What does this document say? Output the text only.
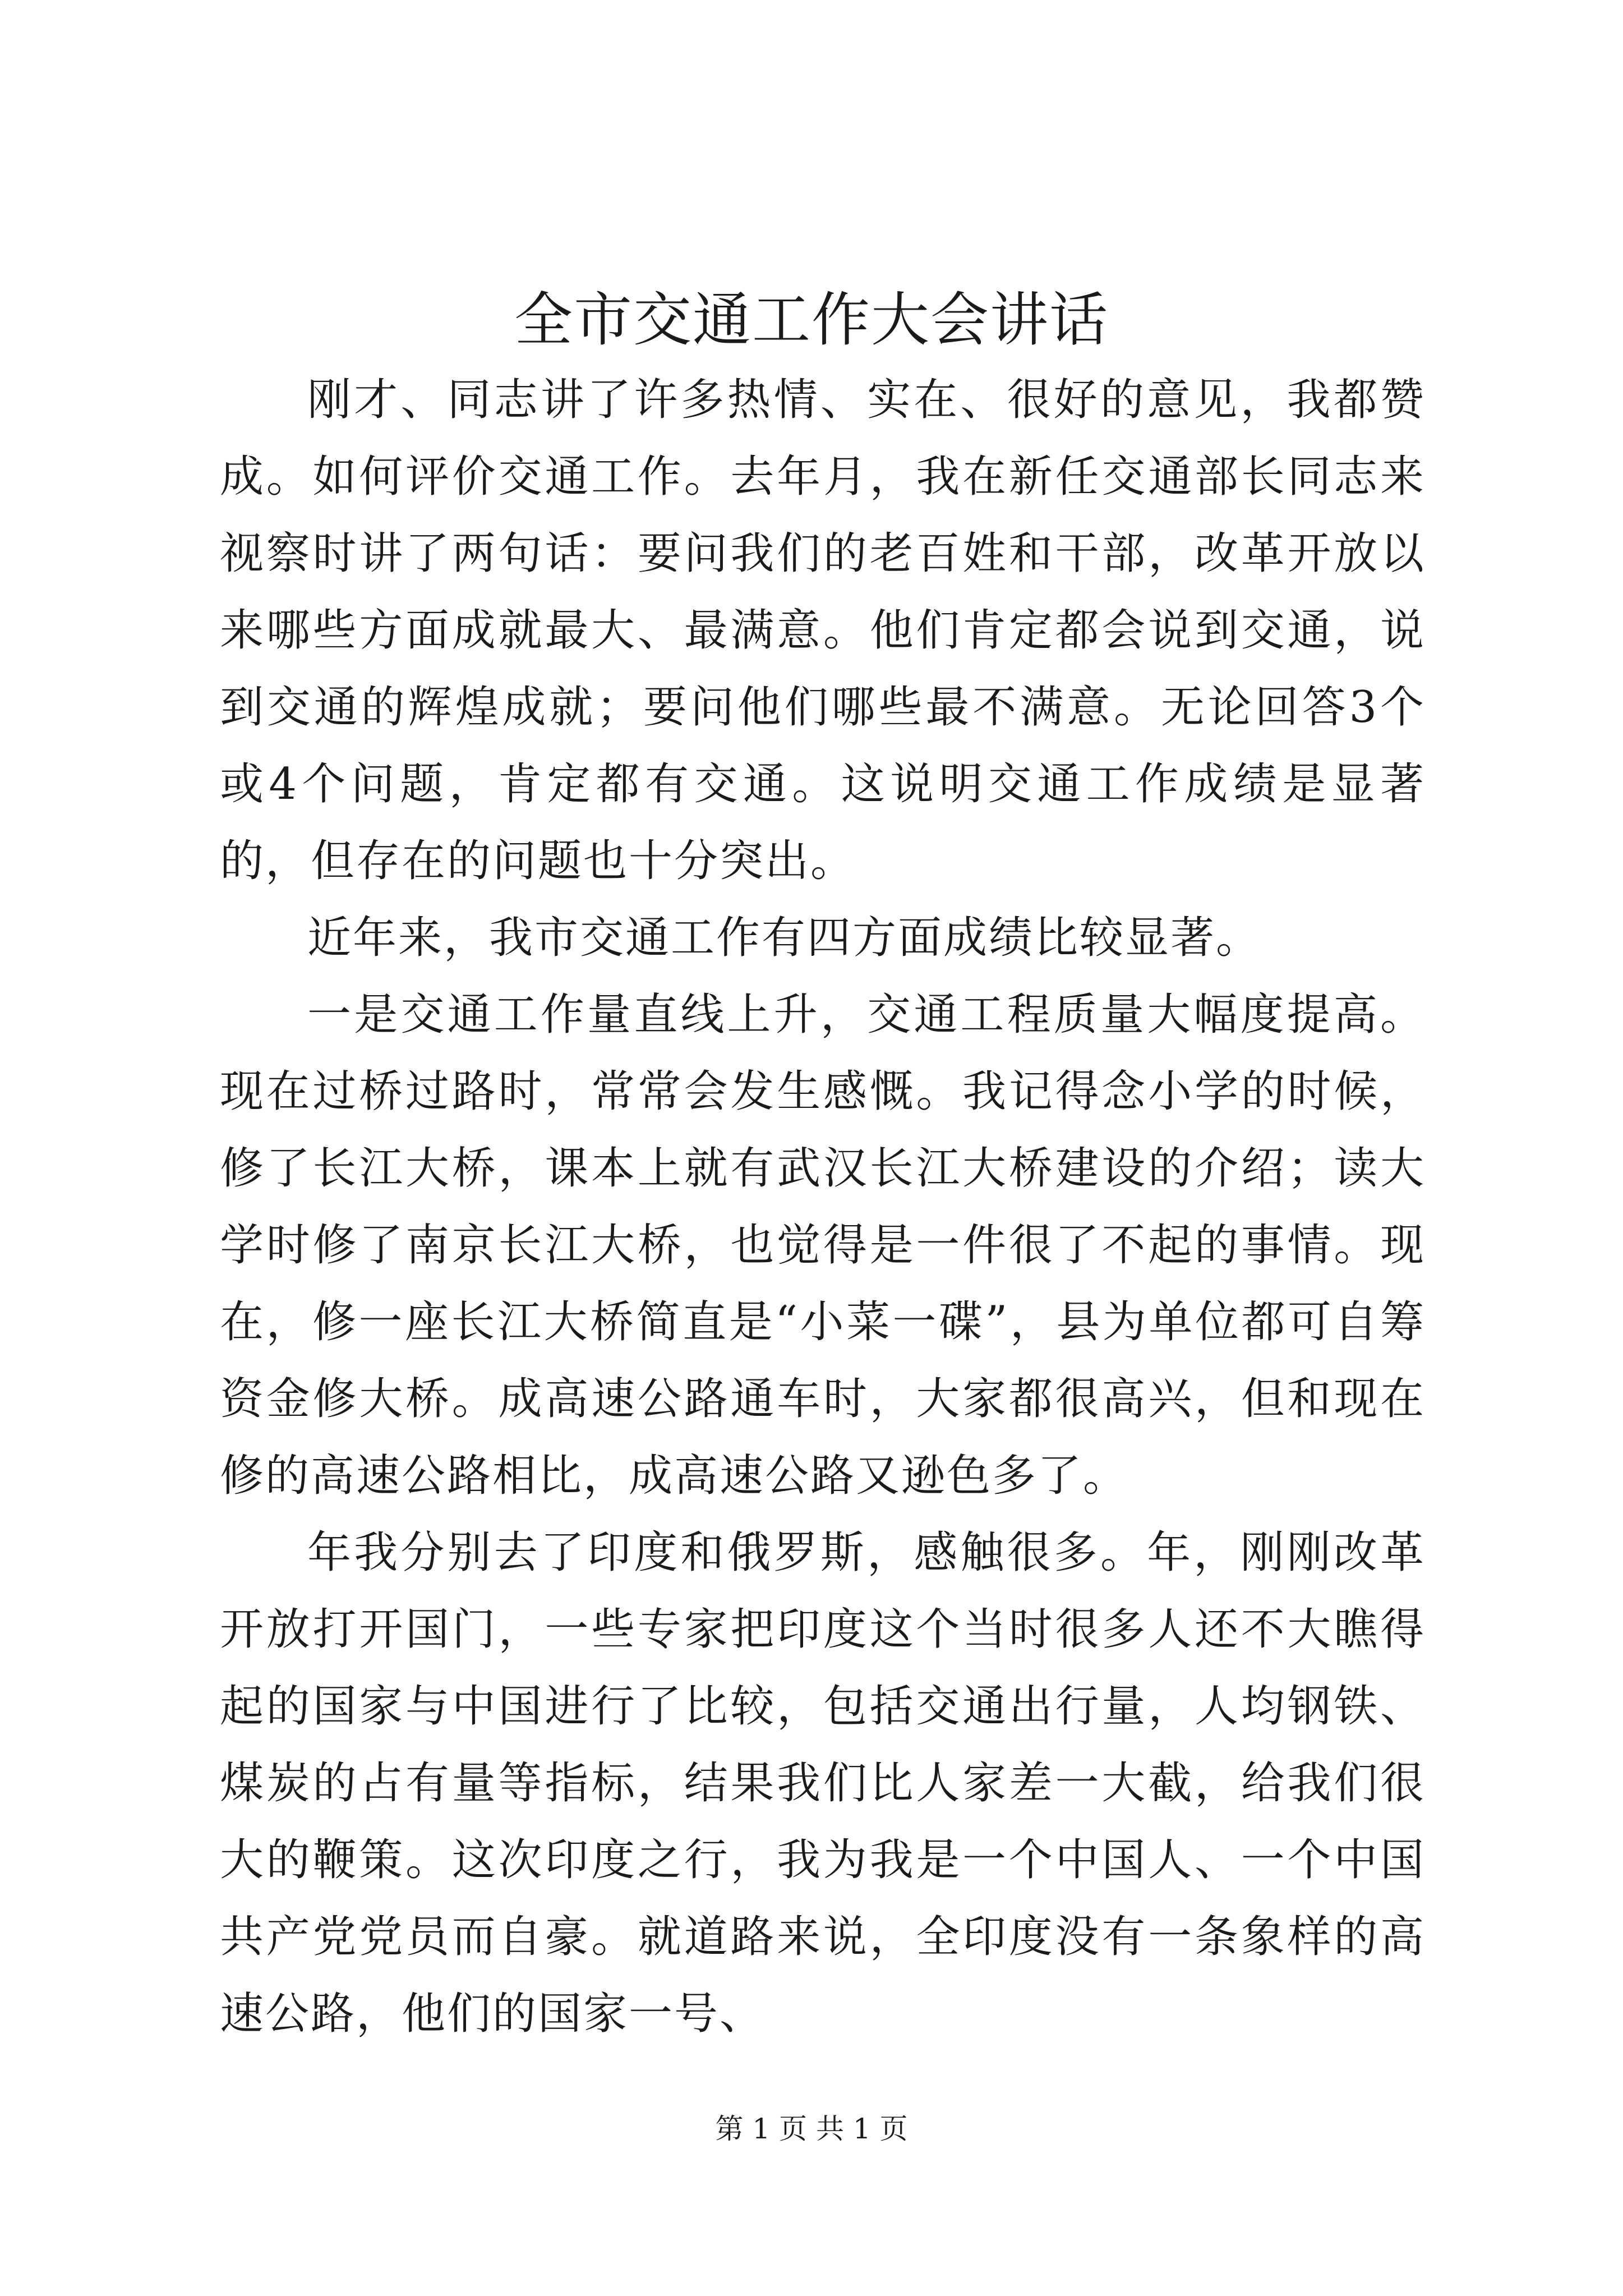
全市交通工作大会讲话

刚才、同志讲了许多热情、实在、很好的意见，我都赞成。如何评价交通工作。去年月，我在新任交通部长同志来视察时讲了两句话：要问我们的老百姓和干部，改革开放以来哪些方面成就最大、最满意。他们肯定都会说到交通，说到交通的辉煌成就；要问他们哪些最不满意。无论回答3个或4个问题，肯定都有交通。这说明交通工作成绩是显著的，但存在的问题也十分突出。

近年来，我市交通工作有四方面成绩比较显著。

一是交通工作量直线上升，交通工程质量大幅度提高。现在过桥过路时，常常会发生感慨。我记得念小学的时候，修了长江大桥，课本上就有武汉长江大桥建设的介绍；读大学时修了南京长江大桥，也觉得是一件很了不起的事情。现在，修一座长江大桥简直是“小菜一碟”，县为单位都可自筹资金修大桥。成高速公路通车时，大家都很高兴，但和现在修的高速公路相比，成高速公路又逊色多了。

年我分别去了印度和俄罗斯，感触很多。年，刚刚改革开放打开国门，一些专家把印度这个当时很多人还不大瞧得起的国家与中国进行了比较，包括交通出行量，人均钢铁、煤炭的占有量等指标，结果我们比人家差一大截，给我们很大的鞭策。这次印度之行，我为我是一个中国人、一个中国共产党党员而自豪。就道路来说，全印度没有一条象样的高速公路，他们的国家一号、

第 1 页 共 1 页
